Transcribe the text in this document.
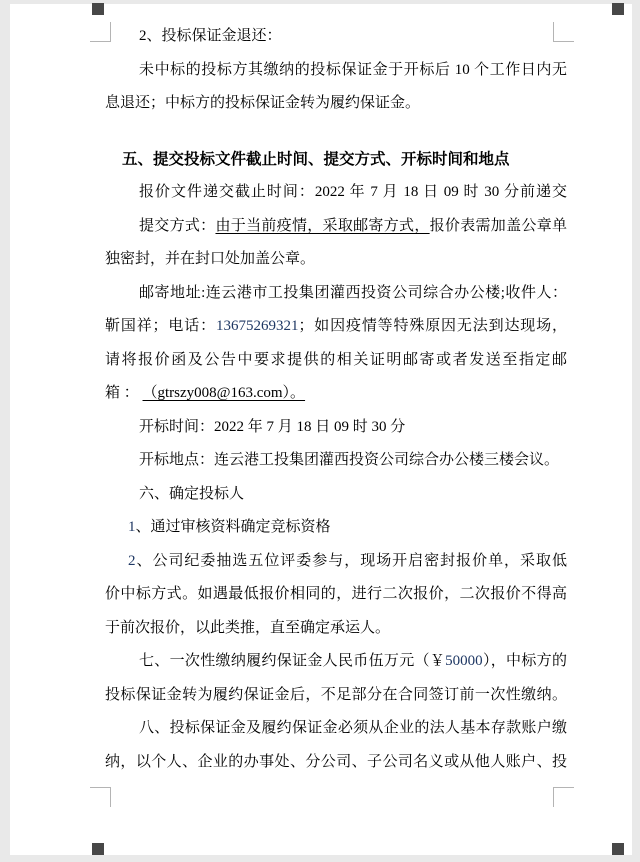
2、投标保证金退还：
未中标的投标方其缴纳的投标保证金于开标后 10 个工作日内无
息退还；中标方的投标保证金转为履约保证金。
五、提交投标文件截止时间、提交方式、开标时间和地点
报价文件递交截止时间：2022 年 7 月 18 日 09 时 30 分前递交
提交方式：由于当前疫情，采取邮寄方式，报价表需加盖公章单
独密封，并在封口处加盖公章。
邮寄地址:连云港市工投集团灌西投资公司综合办公楼;收件人：
靳国祥；电话：13675269321；如因疫情等特殊原因无法到达现场，
请将报价函及公告中要求提供的相关证明邮寄或者发送至指定邮
箱 ： （gtrszy008@163.com）。
开标时间：2022 年 7 月 18 日 09 时 30 分
开标地点：连云港工投集团灌西投资公司综合办公楼三楼会议。
六、确定投标人
1、通过审核资料确定竞标资格
2、公司纪委抽选五位评委参与，现场开启密封报价单，采取低
价中标方式。如遇最低报价相同的，进行二次报价，二次报价不得高
于前次报价，以此类推，直至确定承运人。
七、一次性缴纳履约保证金人民币伍万元（￥50000），中标方的
投标保证金转为履约保证金后，不足部分在合同签订前一次性缴纳。
八、投标保证金及履约保证金必须从企业的法人基本存款账户缴
纳，以个人、企业的办事处、分公司、子公司名义或从他人账户、投
